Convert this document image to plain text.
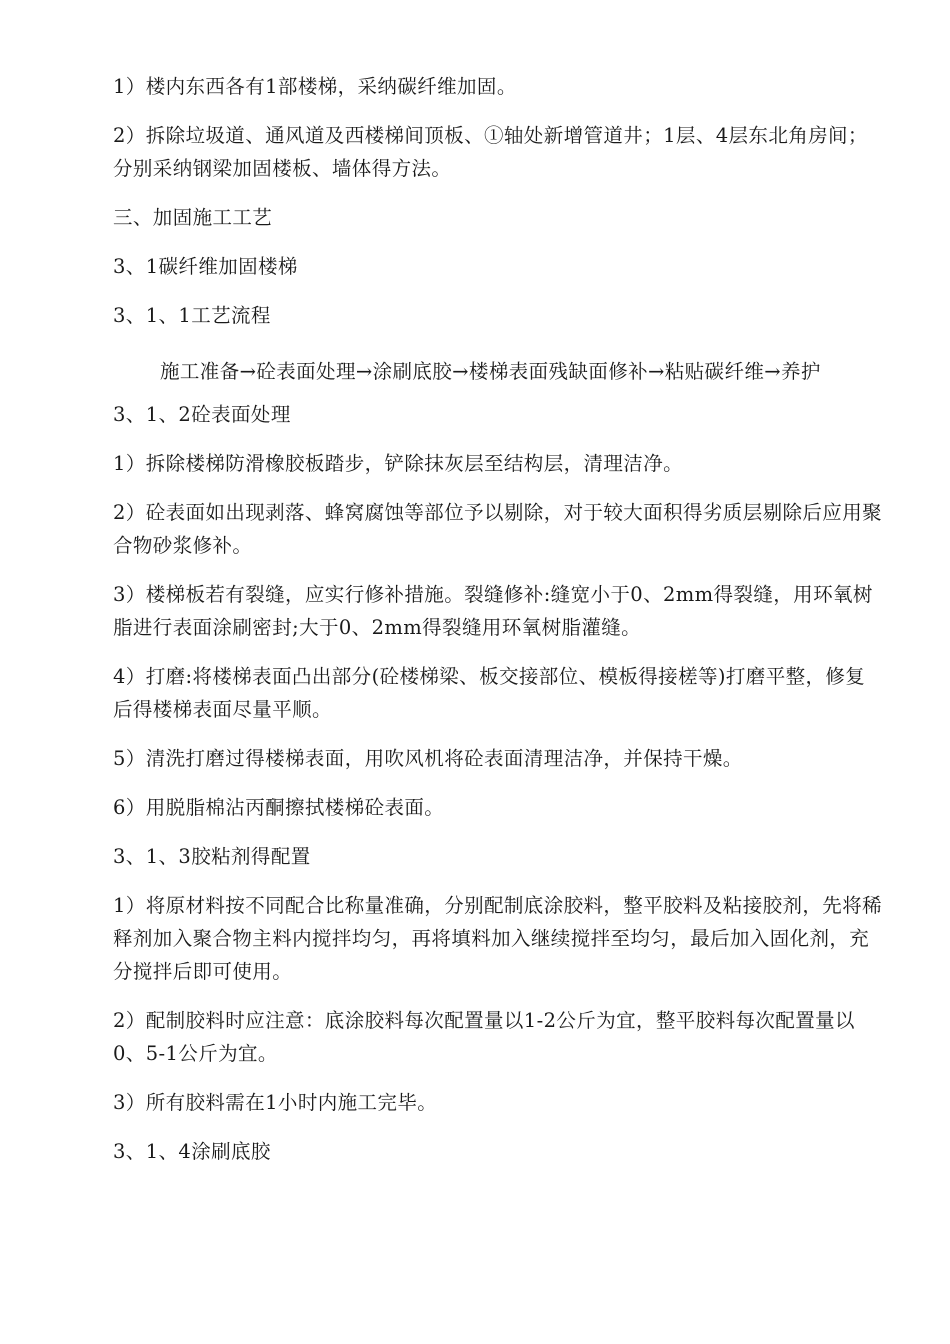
1）楼内东西各有1部楼梯，采纳碳纤维加固。

2）拆除垃圾道、通风道及西楼梯间顶板、①轴处新增管道井；1层、4层东北角房间；分别采纳钢梁加固楼板、墙体得方法。

三、加固施工工艺

3、1碳纤维加固楼梯

3、1、1工艺流程

施工准备→砼表面处理→涂刷底胶→楼梯表面残缺面修补→粘贴碳纤维→养护

3、1、2砼表面处理

1）拆除楼梯防滑橡胶板踏步，铲除抹灰层至结构层，清理洁净。

2）砼表面如出现剥落、蜂窝腐蚀等部位予以剔除，对于较大面积得劣质层剔除后应用聚合物砂浆修补。

3）楼梯板若有裂缝，应实行修补措施。裂缝修补:缝宽小于0、2mm得裂缝，用环氧树脂进行表面涂刷密封;大于0、2mm得裂缝用环氧树脂灌缝。

4）打磨:将楼梯表面凸出部分(砼楼梯梁、板交接部位、模板得接槎等)打磨平整，修复后得楼梯表面尽量平顺。

5）清洗打磨过得楼梯表面，用吹风机将砼表面清理洁净，并保持干燥。

6）用脱脂棉沾丙酮擦拭楼梯砼表面。

3、1、3胶粘剂得配置

1）将原材料按不同配合比称量准确，分别配制底涂胶料，整平胶料及粘接胶剂，先将稀释剂加入聚合物主料内搅拌均匀，再将填料加入继续搅拌至均匀，最后加入固化剂，充分搅拌后即可使用。

2）配制胶料时应注意：底涂胶料每次配置量以1-2公斤为宜，整平胶料每次配置量以0、5-1公斤为宜。

3）所有胶料需在1小时内施工完毕。

3、1、4涂刷底胶
